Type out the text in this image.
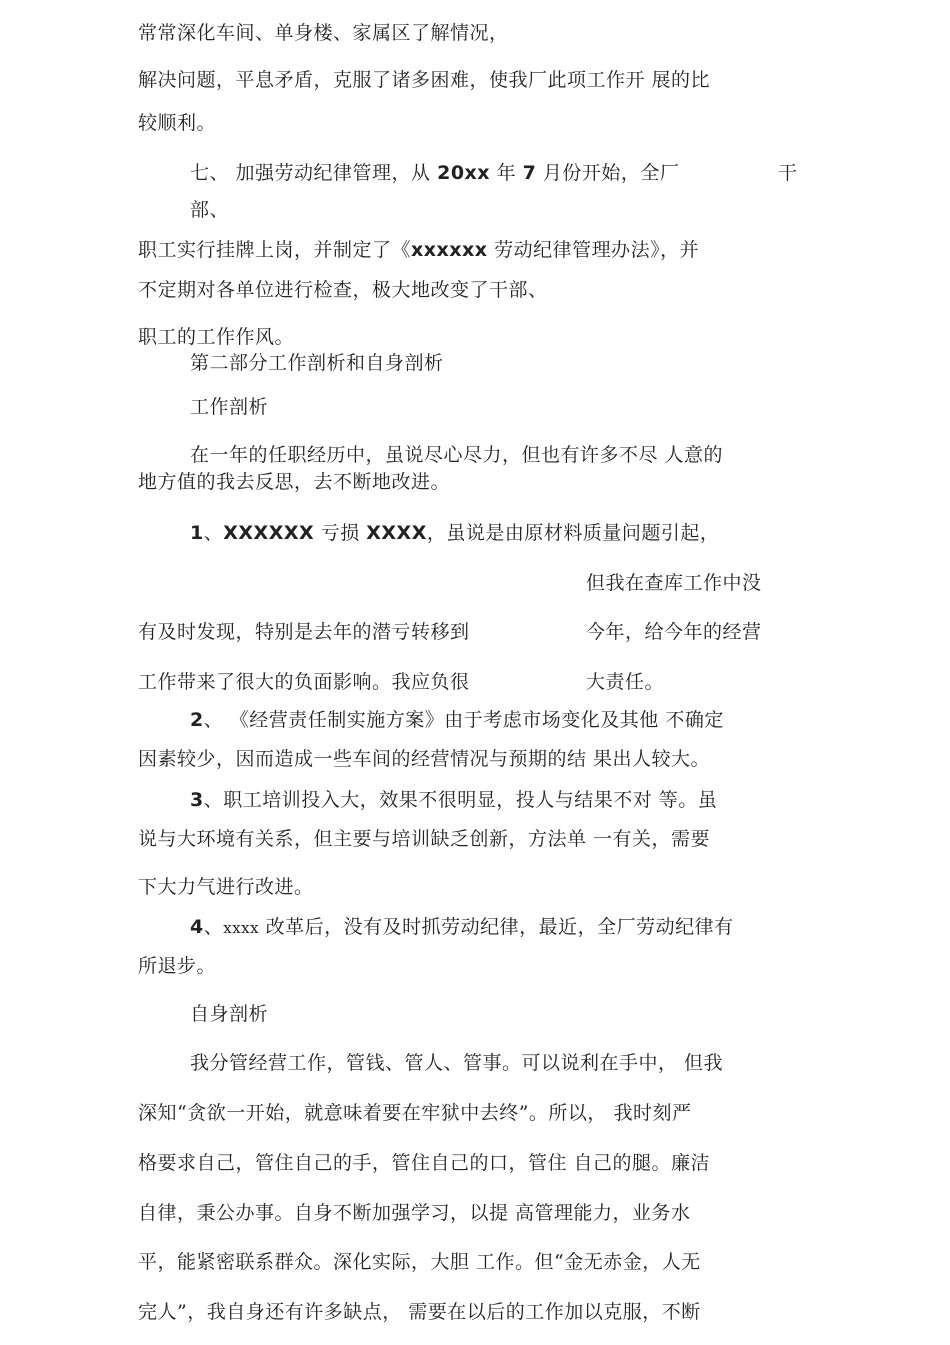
常常深化车间、单身楼、家属区了解情况，
解决问题，平息矛盾，克服了诸多困难，使我厂此项工作开 展的比
较顺利。
七、 加强劳动纪律管理，从 20xx 年 7 月份开始，全厂	干
部、
职工实行挂牌上岗，并制定了《xxxxxx 劳动纪律管理办法》，并
不定期对各单位进行检查，极大地改变了干部、
职工的工作作风。
第二部分工作剖析和自身剖析
工作剖析
在一年的任职经历中，虽说尽心尽力，但也有许多不尽 人意的
地方值的我去反思，去不断地改进。
1、XXXXXX 亏损 XXXX，虽说是由原材料质量问题引起，
但我在查库工作中没
有及时发现，特别是去年的潜亏转移到	今年，给今年的经营
工作带来了很大的负面影响。我应负很	大责任。
2、 《经营责任制实施方案》由于考虑市场变化及其他 不确定
因素较少，因而造成一些车间的经营情况与预期的结 果出人较大。
3、职工培训投入大，效果不很明显，投人与结果不对 等。虽
说与大环境有关系，但主要与培训缺乏创新，方法单 一有关，需要
下大力气进行改进。
4、xxxx 改革后，没有及时抓劳动纪律，最近，全厂劳动纪律有
所退步。
自身剖析
我分管经营工作，管钱、管人、管事。可以说利在手中， 但我
深知“贪欲一开始，就意味着要在牢狱中去终”。所以， 我时刻严
格要求自己，管住自己的手，管住自己的口，管住 自己的腿。廉洁
自律，秉公办事。自身不断加强学习，以提 高管理能力，业务水
平，能紧密联系群众。深化实际，大胆 工作。但“金无赤金，人无
完人”，我自身还有许多缺点， 需要在以后的工作加以克服，不断
